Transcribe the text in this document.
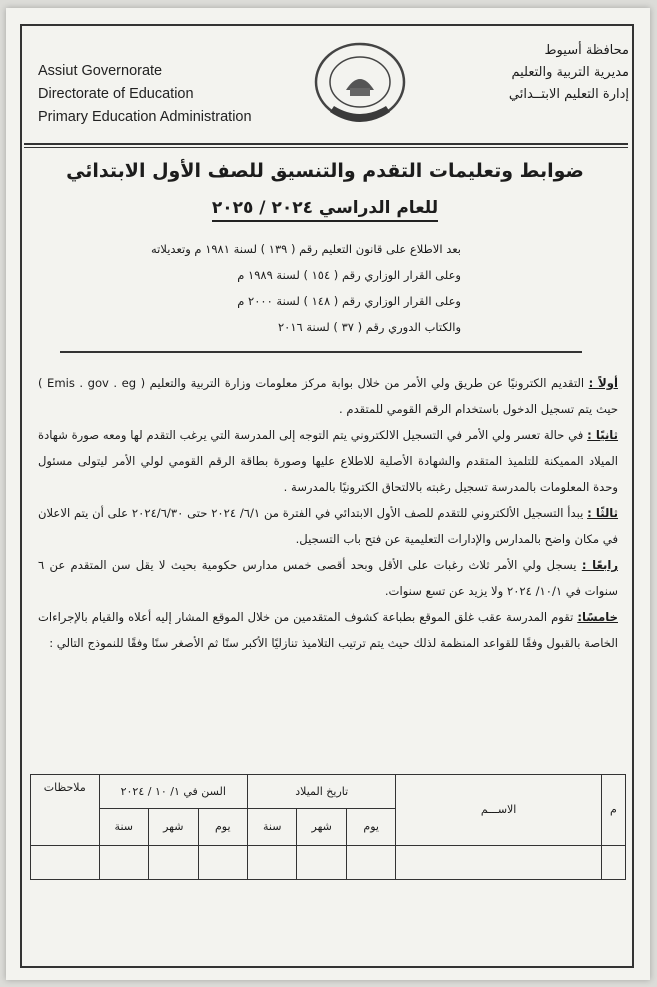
Assiut Governorate
Directorate of Education
Primary Education Administration
محافظة أسيوط
مديرية التربية والتعليم
إدارة التعليم الابتــدائي
ضوابط وتعليمات التقدم والتنسيق للصف الأول الابتدائي
للعام الدراسي ٢٠٢٤ / ٢٠٢٥
بعد الاطلاع على قانون التعليم رقم ( ١٣٩ ) لسنة ١٩٨١ م وتعديلاته
وعلى القرار الوزاري رقم ( ١٥٤ ) لسنة ١٩٨٩ م
وعلى القرار الوزاري رقم ( ١٤٨ ) لسنة ٢٠٠٠ م
والكتاب الدوري رقم ( ٣٧ ) لسنة ٢٠١٦

أولاً : التقديم الكترونيًا عن طريق ولي الأمر من خلال بوابة مركز معلومات وزارة التربية والتعليم ( Emis . gov . eg ) حيث يتم تسجيل الدخول باستخدام الرقم القومي للمتقدم .

ثانيًا : في حالة تعسر ولي الأمر في التسجيل الالكتروني يتم التوجه إلى المدرسة التي يرغب التقدم لها ومعه صورة شهادة الميلاد المميكنة للتلميذ المتقدم والشهادة الأصلية للاطلاع عليها وصورة بطاقة الرقم القومي لولي الأمر ليتولى مسئول وحدة المعلومات بالمدرسة تسجيل رغبته بالالتحاق الكترونيًا بالمدرسة .

ثالثًا : يبدأ التسجيل الألكتروني للتقدم للصف الأول الابتدائي في الفترة من ٦/١/ ٢٠٢٤ حتى ٢٠٢٤/٦/٣٠ على أن يتم الاعلان في مكان واضح بالمدارس والإدارات التعليمية عن فتح باب التسجيل.

رابعًا : يسجل ولي الأمر ثلاث رغبات على الأقل وبحد أقصى خمس مدارس حكومية بحيث لا يقل سن المتقدم عن ٦ سنوات في ١٠/١/ ٢٠٢٤ ولا يزيد عن تسع سنوات.

خامسًا: تقوم المدرسة عقب غلق الموقع بطباعة كشوف المتقدمين من خلال الموقع المشار إليه أعلاه والقيام بالإجراءات الخاصة بالقبول وفقًا للقواعد المنظمة لذلك حيث يتم ترتيب التلاميذ تنازليًا الأكبر سنًا ثم الأصغر سنًا وفقًا للنموذج التالي :

م	الاســـم	تاريخ الميلاد			السن في ١/ ١٠ / ٢٠٢٤			ملاحظات
		يوم	شهر	سنة	يوم	شهر	سنة	
